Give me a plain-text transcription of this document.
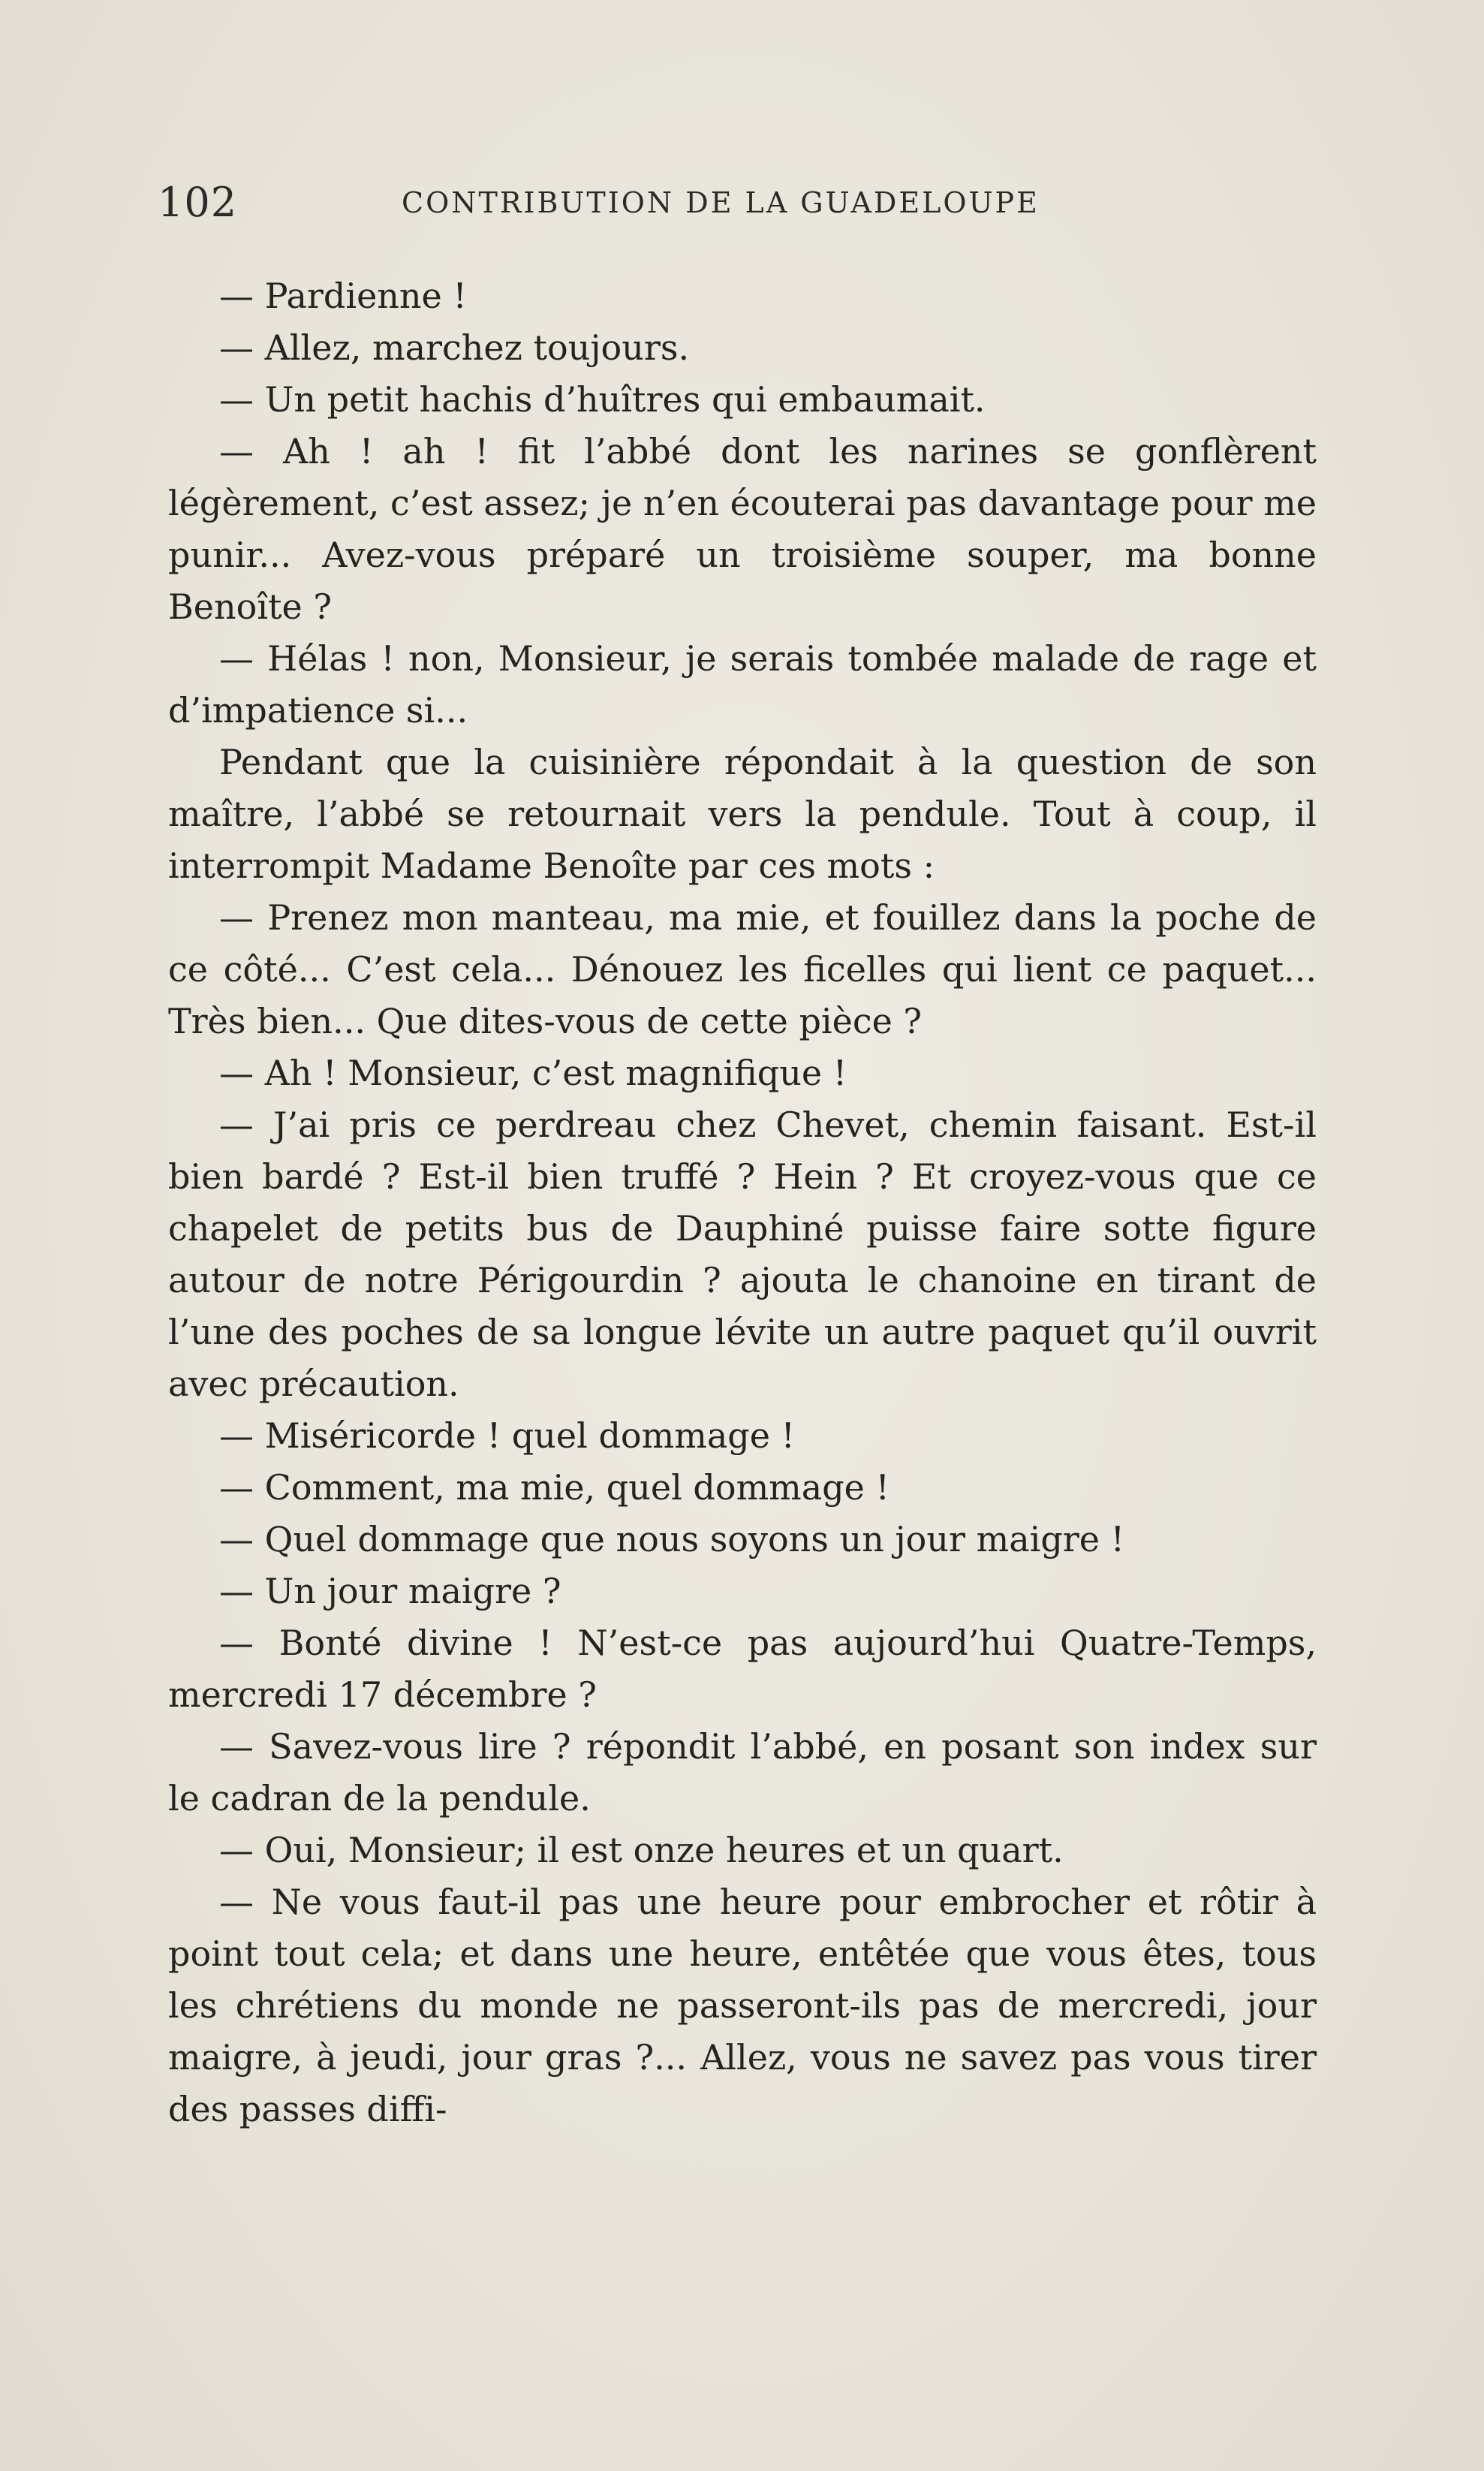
102	CONTRIBUTION DE LA GUADELOUPE

— Pardienne !

— Allez, marchez toujours.

— Un petit hachis d’huîtres qui embaumait.

— Ah ! ah ! fit l’abbé dont les narines se gonflèrent légèrement, c’est assez; je n’en écouterai pas davantage pour me punir... Avez-vous préparé un troisième souper, ma bonne Benoîte ?

— Hélas ! non, Monsieur, je serais tombée malade de rage et d’impatience si...

Pendant que la cuisinière répondait à la question de son maître, l’abbé se retournait vers la pendule. Tout à coup, il interrompit Madame Benoîte par ces mots :

— Prenez mon manteau, ma mie, et fouillez dans la poche de ce côté... C’est cela... Dénouez les ficelles qui lient ce paquet... Très bien... Que dites-vous de cette pièce ?

— Ah ! Monsieur, c’est magnifique !

— J’ai pris ce perdreau chez Chevet, chemin faisant. Est-il bien bardé ? Est-il bien truffé ? Hein ? Et croyez-vous que ce chapelet de petits bus de Dauphiné puisse faire sotte figure autour de notre Périgourdin ? ajouta le chanoine en tirant de l’une des poches de sa longue lévite un autre paquet qu’il ouvrit avec précaution.

— Miséricorde ! quel dommage !

— Comment, ma mie, quel dommage !

— Quel dommage que nous soyons un jour maigre !

— Un jour maigre ?

— Bonté divine ! N’est-ce pas aujourd’hui Quatre-Temps, mercredi 17 décembre ?

— Savez-vous lire ? répondit l’abbé, en posant son index sur le cadran de la pendule.

— Oui, Monsieur; il est onze heures et un quart.

— Ne vous faut-il pas une heure pour embrocher et rôtir à point tout cela; et dans une heure, entêtée que vous êtes, tous les chrétiens du monde ne passeront-ils pas de mercredi, jour maigre, à jeudi, jour gras ?... Allez, vous ne savez pas vous tirer des passes diffi-
